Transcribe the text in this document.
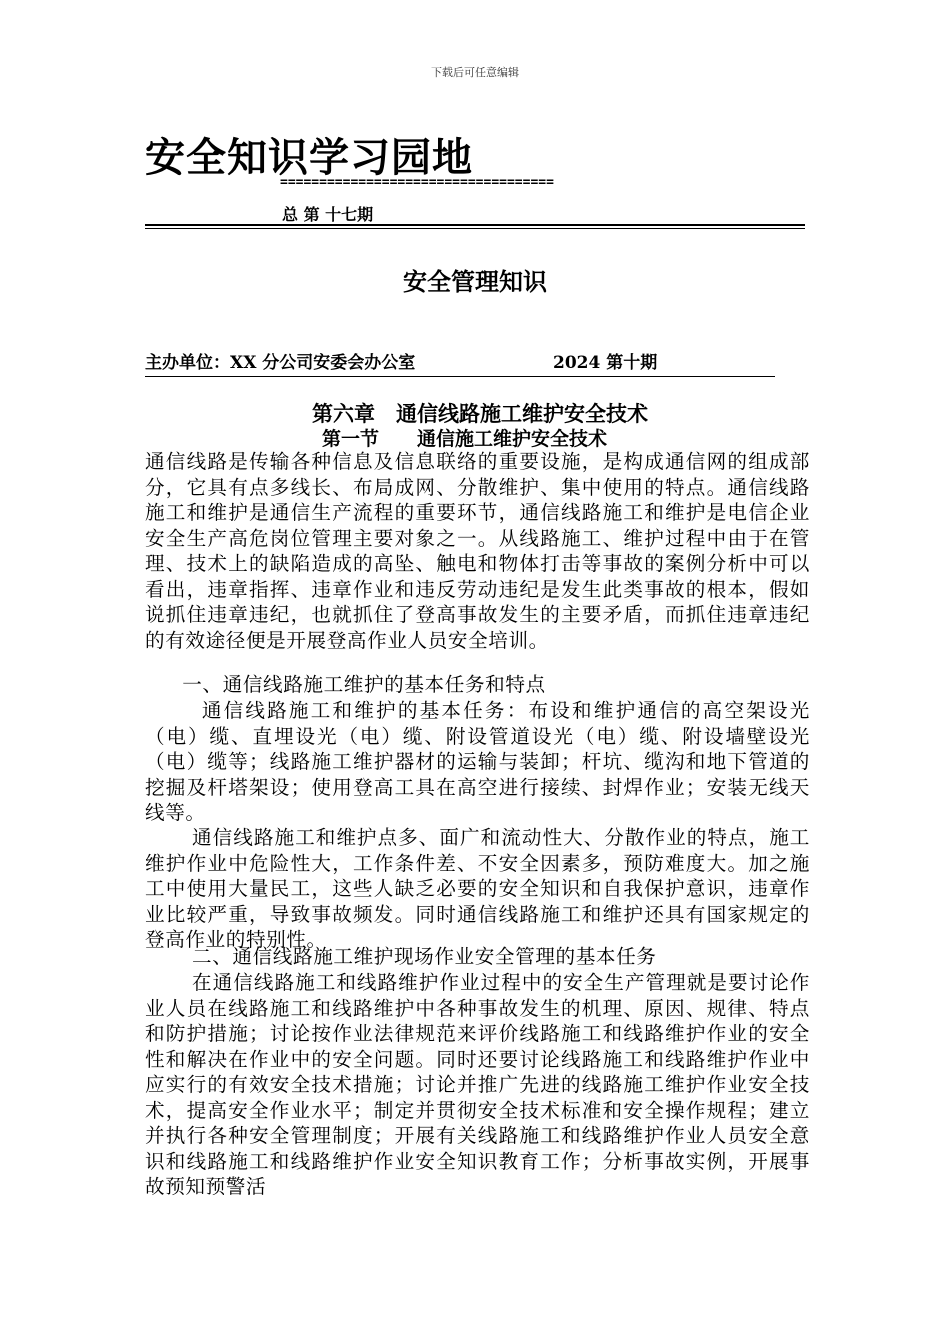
下载后可任意编辑
安全知识学习园地
===================================
总 第 十七期
安全管理知识
主办单位：XX 分公司安委会办公室	2024 第十期
第六章　通信线路施工维护安全技术
第一节　　通信施工维护安全技术

通信线路是传输各种信息及信息联络的重要设施，是构成通信网的组成部分，它具有点多线长、布局成网、分散维护、集中使用的特点。通信线路施工和维护是通信生产流程的重要环节，通信线路施工和维护是电信企业安全生产高危岗位管理主要对象之一。从线路施工、维护过程中由于在管理、技术上的缺陷造成的高坠、触电和物体打击等事故的案例分析中可以看出，违章指挥、违章作业和违反劳动违纪是发生此类事故的根本，假如说抓住违章违纪，也就抓住了登高事故发生的主要矛盾，而抓住违章违纪的有效途径便是开展登高作业人员安全培训。

一、通信线路施工维护的基本任务和特点

通信线路施工和维护的基本任务：布设和维护通信的高空架设光（电）缆、直埋设光（电）缆、附设管道设光（电）缆、附设墙壁设光（电）缆等；线路施工维护器材的运输与装卸；杆坑、缆沟和地下管道的挖掘及杆塔架设；使用登高工具在高空进行接续、封焊作业；安装无线天线等。

通信线路施工和维护点多、面广和流动性大、分散作业的特点，施工维护作业中危险性大，工作条件差、不安全因素多，预防难度大。加之施工中使用大量民工，这些人缺乏必要的安全知识和自我保护意识，违章作业比较严重，导致事故频发。同时通信线路施工和维护还具有国家规定的登高作业的特别性。

二、通信线路施工维护现场作业安全管理的基本任务

在通信线路施工和线路维护作业过程中的安全生产管理就是要讨论作业人员在线路施工和线路维护中各种事故发生的机理、原因、规律、特点和防护措施；讨论按作业法律规范来评价线路施工和线路维护作业的安全性和解决在作业中的安全问题。同时还要讨论线路施工和线路维护作业中应实行的有效安全技术措施；讨论并推广先进的线路施工维护作业安全技术，提高安全作业水平；制定并贯彻安全技术标准和安全操作规程；建立并执行各种安全管理制度；开展有关线路施工和线路维护作业人员安全意识和线路施工和线路维护作业安全知识教育工作；分析事故实例，开展事故预知预警活
